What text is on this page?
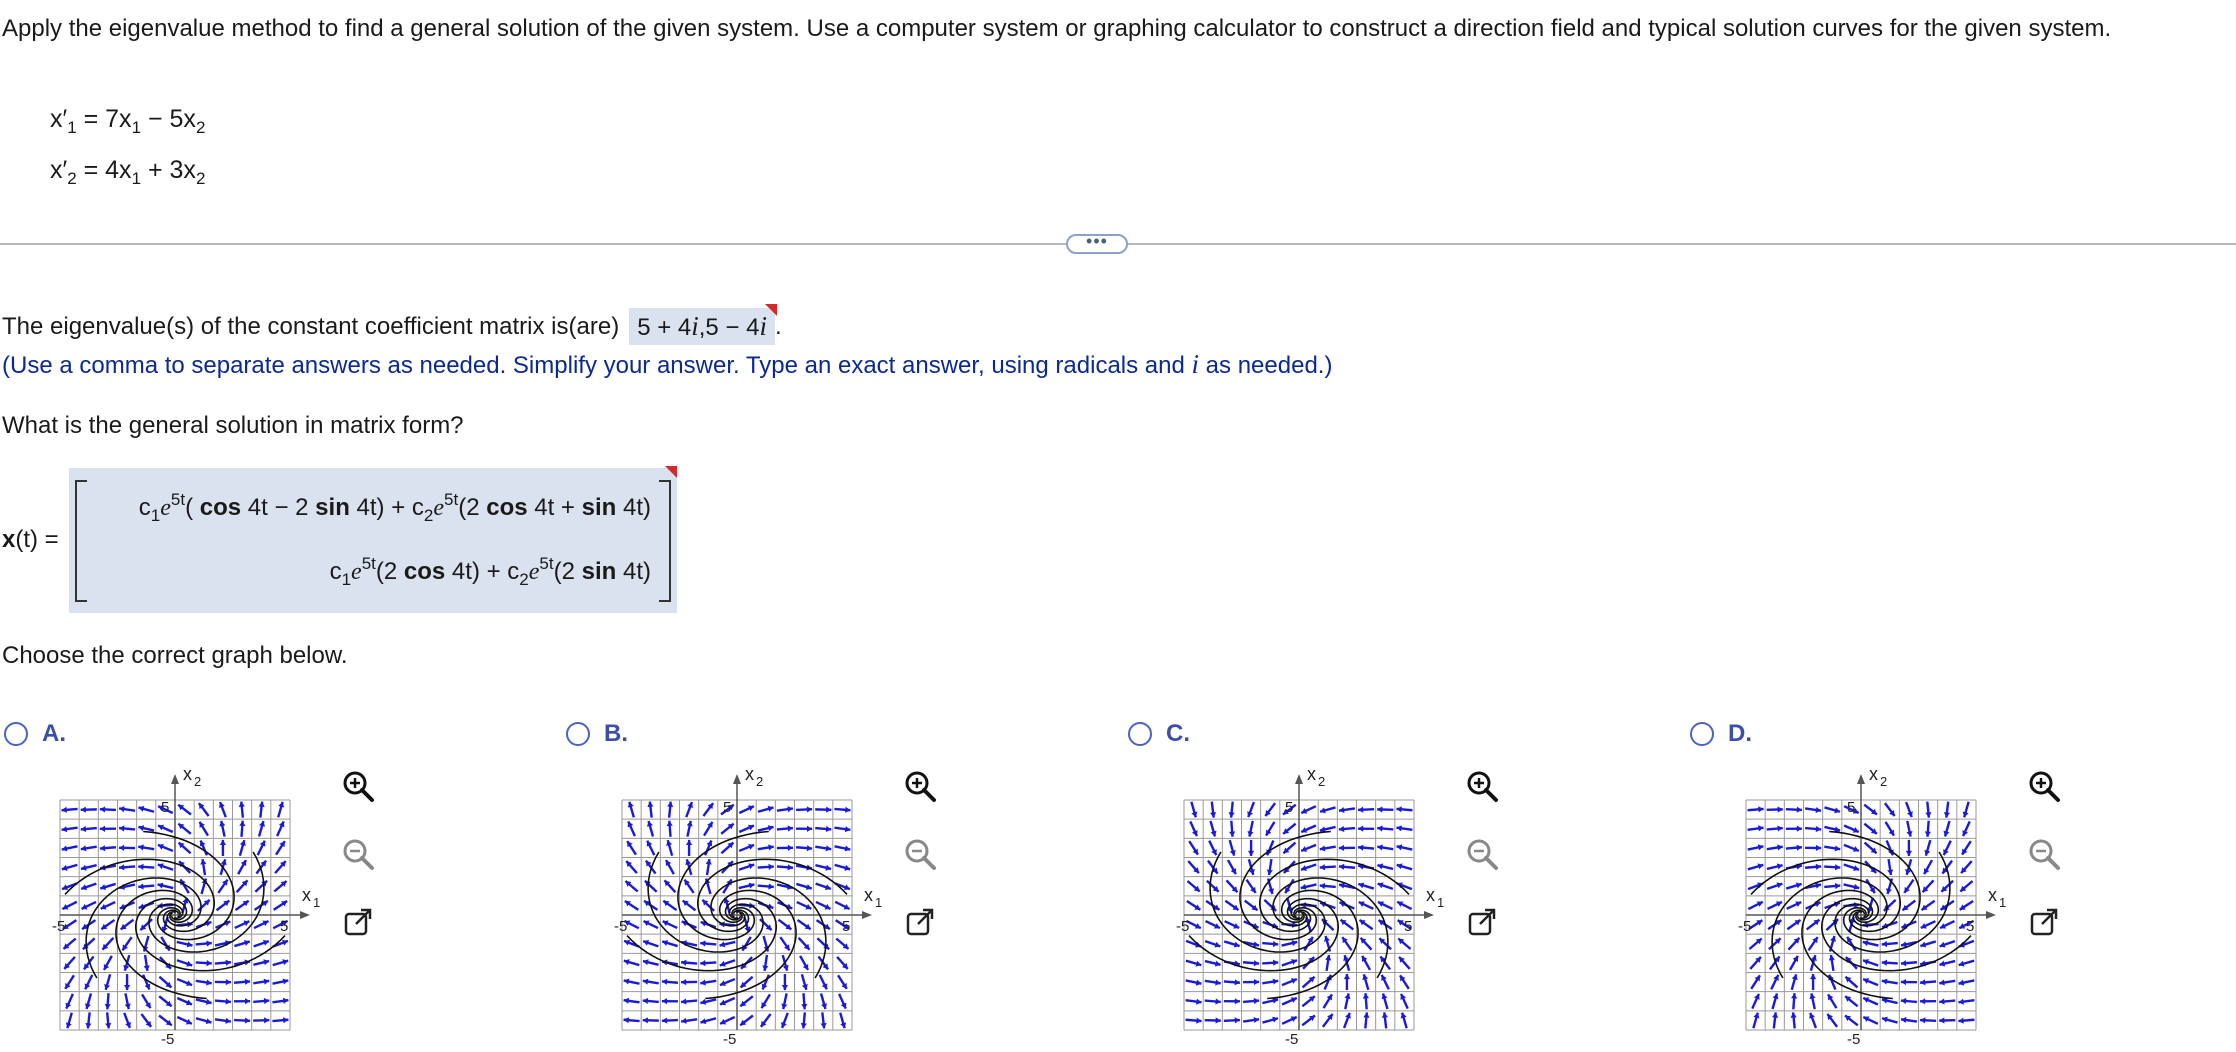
Apply the eigenvalue method to find a general solution of the given system. Use a computer system or graphing calculator to construct a direction field and typical solution curves for the given system.
$x'_1 = 7x_1 - 5x_2$
$x'_2 = 4x_1 + 3x_2$
•••
The eigenvalue(s) of the constant coefficient matrix is(are) 5 + 4i,5 − 4i .
(Use a comma to separate answers as needed. Simplify your answer. Type an exact answer, using radicals and i as needed.)
What is the general solution in matrix form?
x(t) =
$c_1e^{5t}$( cos 4t − 2 $\sin 4t) + c_2e^{5t}(2$ cos 4t + sin 4t)
$c_1e^{5t}(2$ $\cos 4t) + c_2e^{5t}(2$ sin 4t)
Choose the correct graph below.
A.
x 2
x 1
5
-5
-5	5
B.
x 2
x 1
5
-5
-5	5
C.
x 2
x 1
5
-5
-5	5
D.
x 2
x 1
5
-5
-5	5
